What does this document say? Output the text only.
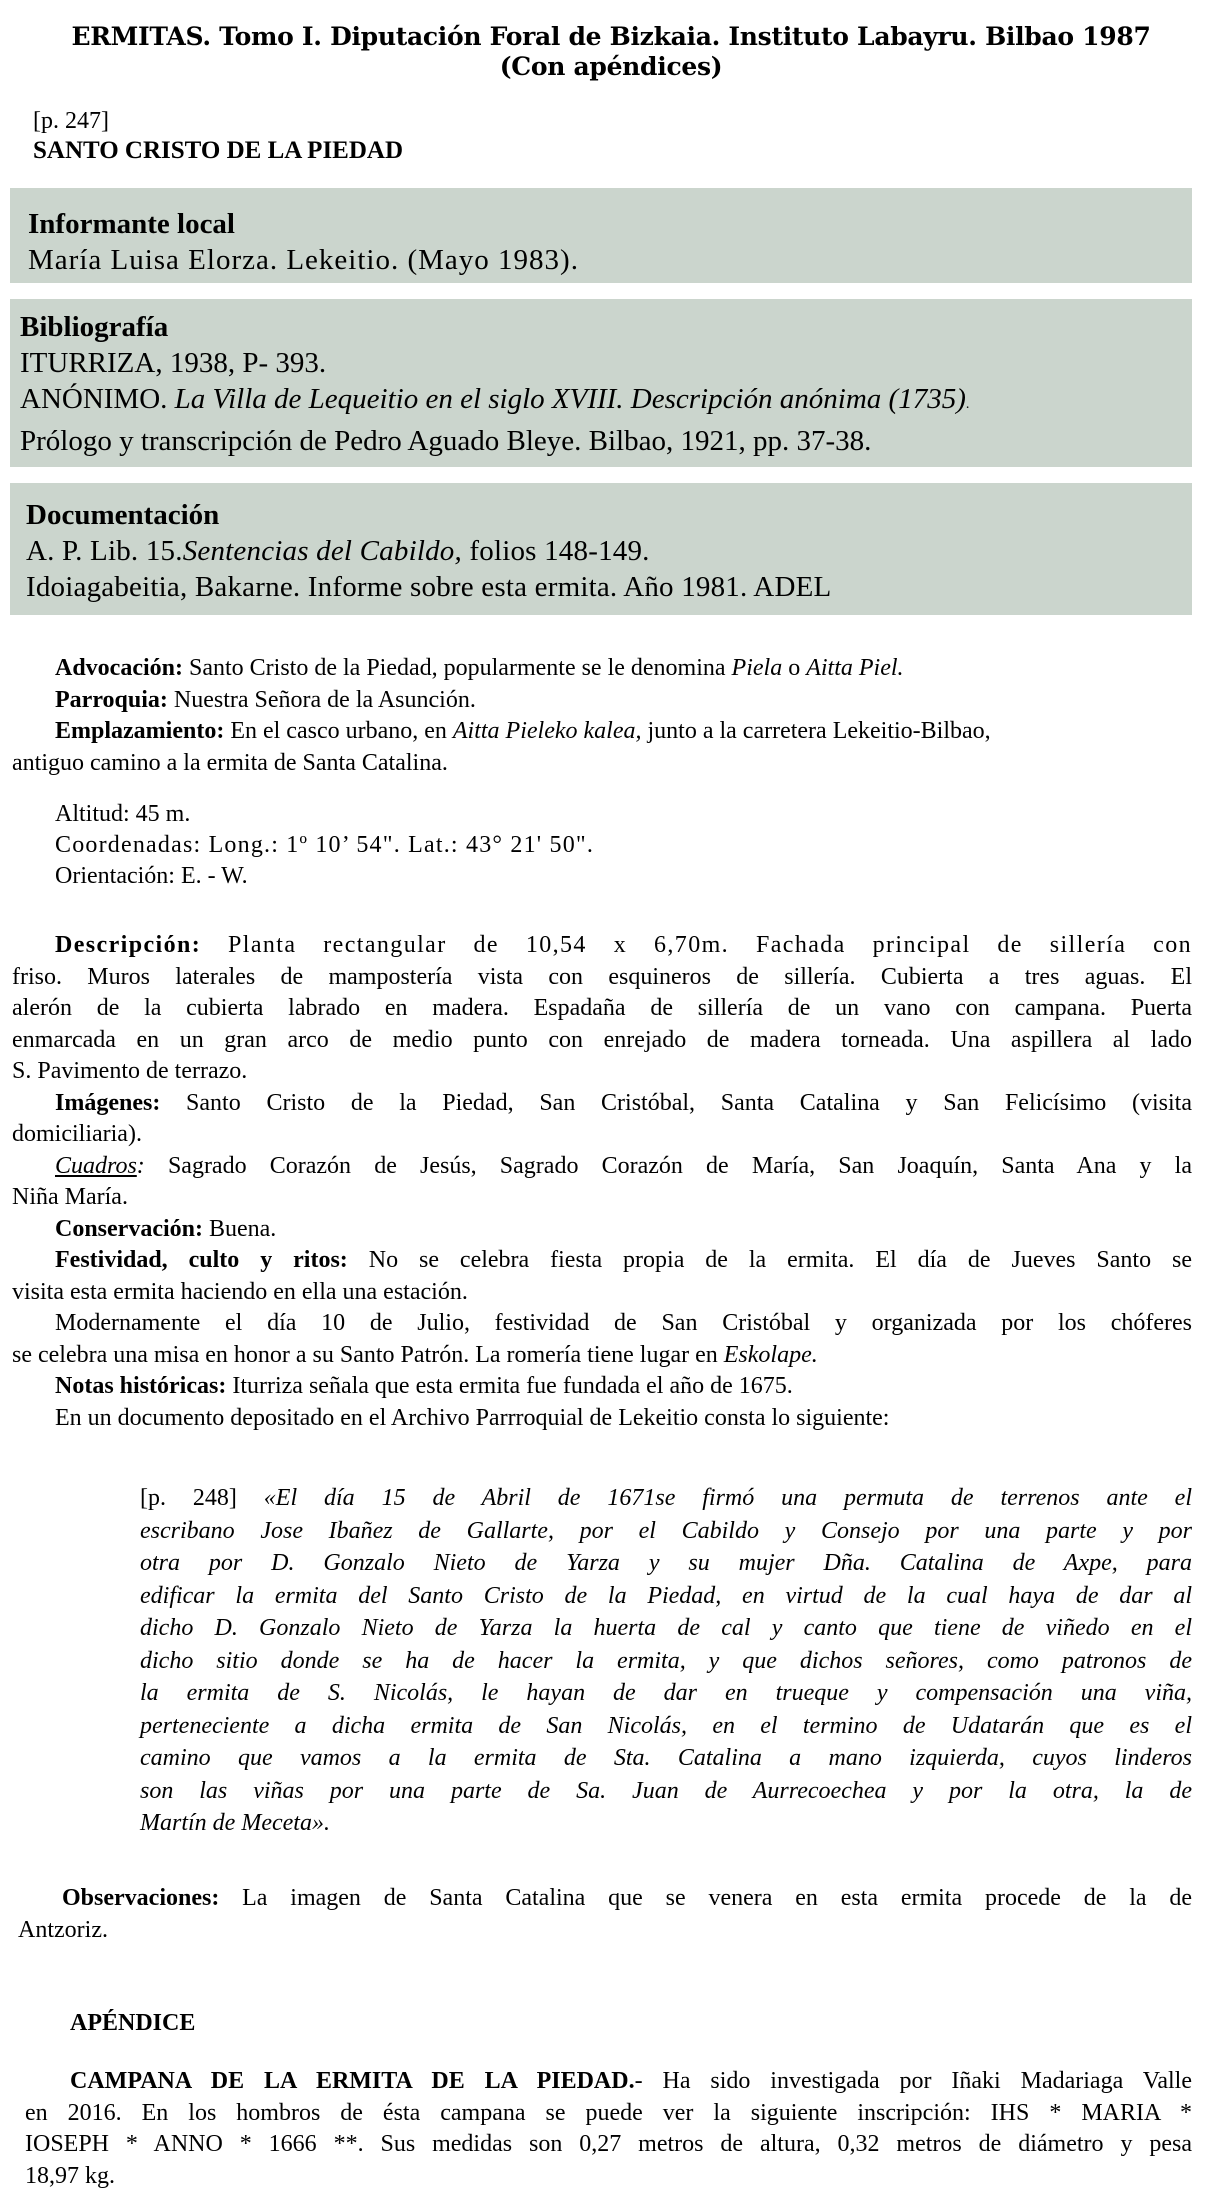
ERMITAS. Tomo I. Diputación Foral de Bizkaia. Instituto Labayru. Bilbao 1987
(Con apéndices)
[p. 247]
SANTO CRISTO DE LA PIEDAD
Informante local
María Luisa Elorza. Lekeitio. (Mayo 1983).
Bibliografía
ITURRIZA, 1938, P- 393.
ANÓNIMO. La Villa de Lequeitio en el siglo XVIII. Descripción anónima (1735).
Prólogo y transcripción de Pedro Aguado Bleye. Bilbao, 1921, pp. 37-38.
Documentación
A. P. Lib. 15.Sentencias del Cabildo, folios 148-149.
Idoiagabeitia, Bakarne. Informe sobre esta ermita. Año 1981. ADEL
Advocación: Santo Cristo de la Piedad, popularmente se le denomina Piela o Aitta Piel.
Parroquia: Nuestra Señora de la Asunción.
Emplazamiento: En el casco urbano, en Aitta Pieleko kalea, junto a la carretera Lekeitio-Bilbao,
antiguo camino a la ermita de Santa Catalina.
Altitud: 45 m.
Coordenadas: Long.: 1º 10’ 54". Lat.: 43° 21' 50".
Orientación: E. - W.
Descripción: Planta rectangular de 10,54 x 6,70m. Fachada principal de sillería con
friso. Muros laterales de mampostería vista con esquineros de sillería. Cubierta a tres aguas. El
alerón de la cubierta labrado en madera. Espadaña de sillería de un vano con campana. Puerta
enmarcada en un gran arco de medio punto con enrejado de madera torneada. Una aspillera al lado
S. Pavimento de terrazo.
Imágenes: Santo Cristo de la Piedad, San Cristóbal, Santa Catalina y San Felicísimo (visita
domiciliaria).
Cuadros: Sagrado Corazón de Jesús, Sagrado Corazón de María, San Joaquín, Santa Ana y la
Niña María.
Conservación: Buena.
Festividad, culto y ritos: No se celebra fiesta propia de la ermita. El día de Jueves Santo se
visita esta ermita haciendo en ella una estación.
Modernamente el día 10 de Julio, festividad de San Cristóbal y organizada por los chóferes
se celebra una misa en honor a su Santo Patrón. La romería tiene lugar en Eskolape.
Notas históricas: Iturriza señala que esta ermita fue fundada el año de 1675.
En un documento depositado en el Archivo Parrroquial de Lekeitio consta lo siguiente:
[p. 248] «El día 15 de Abril de 1671se firmó una permuta de terrenos ante el
escribano Jose Ibañez de Gallarte, por el Cabildo y Consejo por una parte y por
otra por D. Gonzalo Nieto de Yarza y su mujer Dña. Catalina de Axpe, para
edificar la ermita del Santo Cristo de la Piedad, en virtud de la cual haya de dar al
dicho D. Gonzalo Nieto de Yarza la huerta de cal y canto que tiene de viñedo en el
dicho sitio donde se ha de hacer la ermita, y que dichos señores, como patronos de
la ermita de S. Nicolás, le hayan de dar en trueque y compensación una viña,
perteneciente a dicha ermita de San Nicolás, en el termino de Udatarán que es el
camino que vamos a la ermita de Sta. Catalina a mano izquierda, cuyos linderos
son las viñas por una parte de Sa. Juan de Aurrecoechea y por la otra, la de
Martín de Meceta».
Observaciones: La imagen de Santa Catalina que se venera en esta ermita procede de la de
Antzoriz.
APÉNDICE
CAMPANA DE LA ERMITA DE LA PIEDAD.- Ha sido investigada por Iñaki Madariaga Valle
en 2016. En los hombros de ésta campana se puede ver la siguiente inscripción: IHS * MARIA *
IOSEPH * ANNO * 1666 **. Sus medidas son 0,27 metros de altura, 0,32 metros de diámetro y pesa
18,97 kg.
